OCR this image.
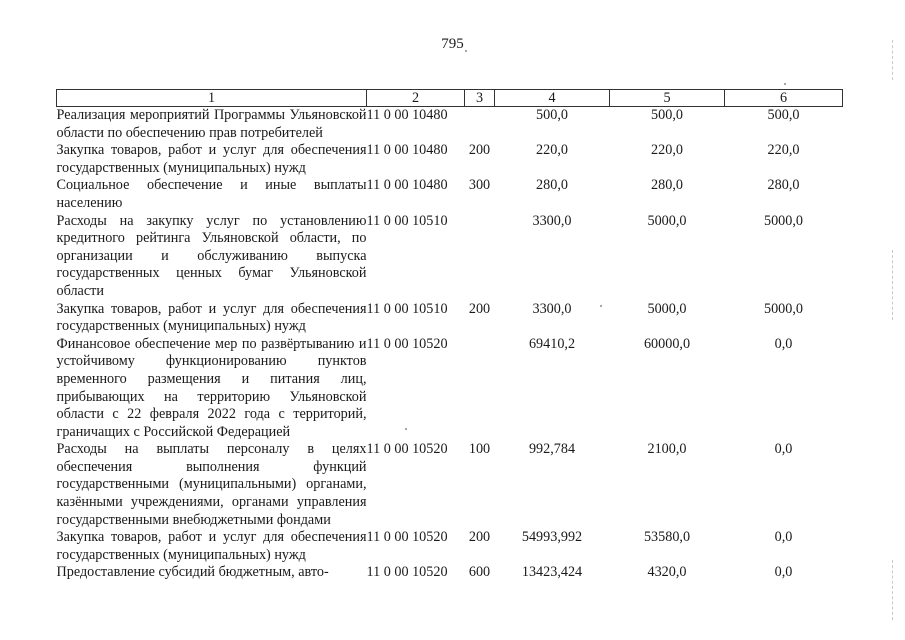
795
1	2	3	4	5	6
Реализация мероприятий Программы Ульяновской области по обеспечению прав потребителей	11 0 00 10480		500,0	500,0	500,0
Закупка товаров, работ и услуг для обеспечения государственных (муниципальных) нужд	11 0 00 10480	200	220,0	220,0	220,0
Социальное обеспечение и иные выплаты населению	11 0 00 10480	300	280,0	280,0	280,0
Расходы на закупку услуг по установлению кредитного рейтинга Ульяновской области, по организации и обслуживанию выпуска государственных ценных бумаг Ульяновской области	11 0 00 10510		3300,0	5000,0	5000,0
Закупка товаров, работ и услуг для обеспечения государственных (муниципальных) нужд	11 0 00 10510	200	3300,0	5000,0	5000,0
Финансовое обеспечение мер по развёртыванию и устойчивому функционированию пунктов временного размещения и питания лиц, прибывающих на территорию Ульяновской области с 22 февраля 2022 года с территорий, граничащих с Российской Федерацией	11 0 00 10520		69410,2	60000,0	0,0
Расходы на выплаты персоналу в целях обеспечения выполнения функций государственными (муниципальными) органами, казёнными учреждениями, органами управления государственными внебюджетными фондами	11 0 00 10520	100	992,784	2100,0	0,0
Закупка товаров, работ и услуг для обеспечения государственных (муниципальных) нужд	11 0 00 10520	200	54993,992	53580,0	0,0
Предоставление субсидий бюджетным, авто-	11 0 00 10520	600	13423,424	4320,0	0,0
